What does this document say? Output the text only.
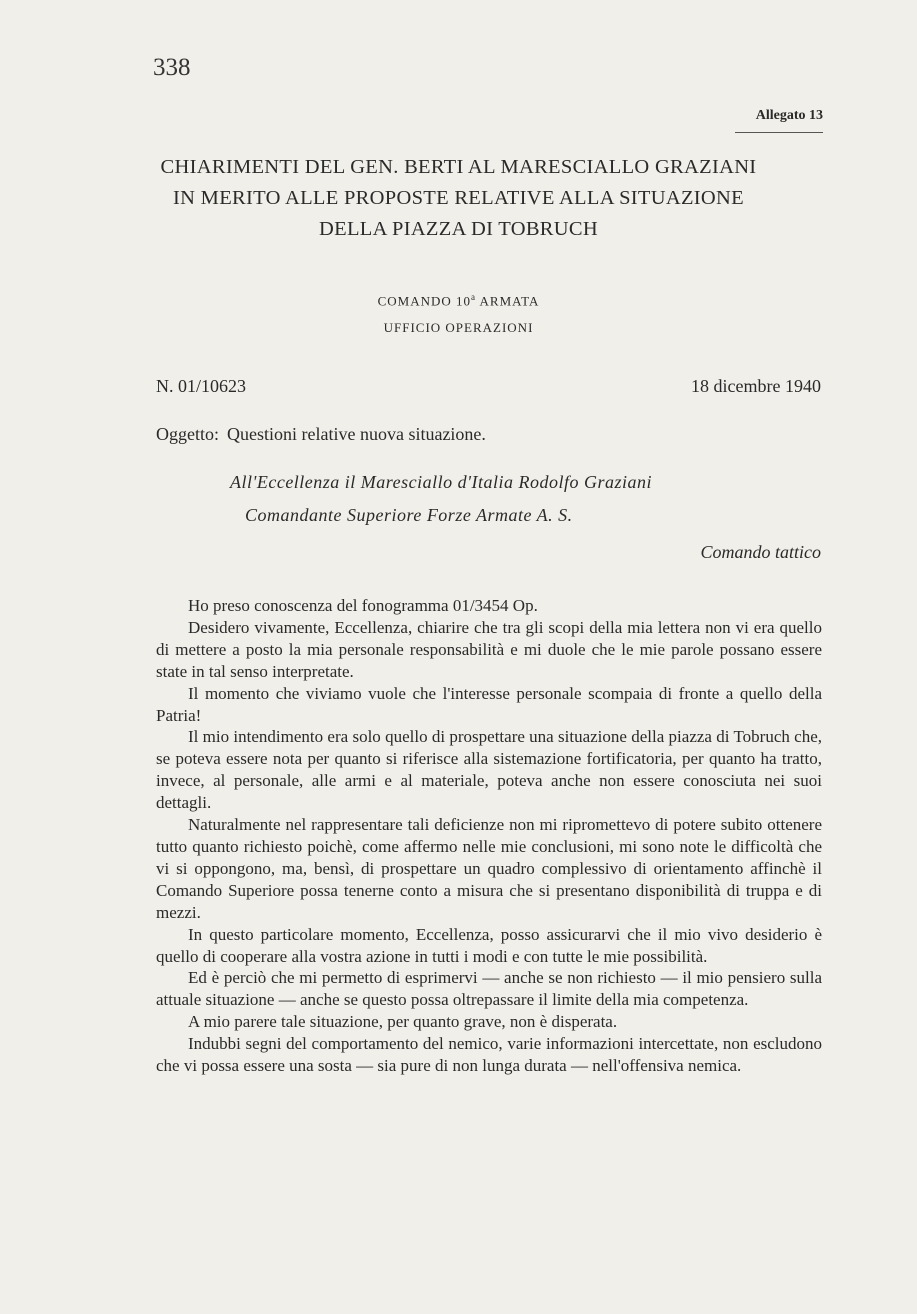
338
Allegato 13
CHIARIMENTI DEL GEN. BERTI AL MARESCIALLO GRAZIANI
IN MERITO ALLE PROPOSTE RELATIVE ALLA SITUAZIONE
DELLA PIAZZA DI TOBRUCH
COMANDO 10$^a$ ARMATA
UFFICIO OPERAZIONI
N. 01/10623	18 dicembre 1940
Oggetto: Questioni relative nuova situazione.
All'Eccellenza il Maresciallo d'Italia Rodolfo Graziani
Comandante Superiore Forze Armate A. S.
Comando tattico

Ho preso conoscenza del fonogramma 01/3454 Op.

Desidero vivamente, Eccellenza, chiarire che tra gli scopi della mia lettera non vi era quello di mettere a posto la mia personale responsabilità e mi duole che le mie parole possano essere state in tal senso interpretate.

Il momento che viviamo vuole che l'interesse personale scompaia di fronte a quello della Patria!

Il mio intendimento era solo quello di prospettare una situazione della piazza di Tobruch che, se poteva essere nota per quanto si riferisce alla sistemazione fortificatoria, per quanto ha tratto, invece, al personale, alle armi e al materiale, poteva anche non essere conosciuta nei suoi dettagli.

Naturalmente nel rappresentare tali deficienze non mi ripromettevo di potere subito ottenere tutto quanto richiesto poichè, come affermo nelle mie conclusioni, mi sono note le difficoltà che vi si oppongono, ma, bensì, di prospettare un quadro complessivo di orientamento affinchè il Comando Superiore possa tenerne conto a misura che si presentano disponibilità di truppa e di mezzi.

In questo particolare momento, Eccellenza, posso assicurarvi che il mio vivo desiderio è quello di cooperare alla vostra azione in tutti i modi e con tutte le mie possibilità.

Ed è perciò che mi permetto di esprimervi — anche se non richiesto — il mio pensiero sulla attuale situazione — anche se questo possa oltrepassare il limite della mia competenza.

A mio parere tale situazione, per quanto grave, non è disperata.

Indubbi segni del comportamento del nemico, varie informazioni intercettate, non escludono che vi possa essere una sosta — sia pure di non lunga durata — nell'offensiva nemica.
